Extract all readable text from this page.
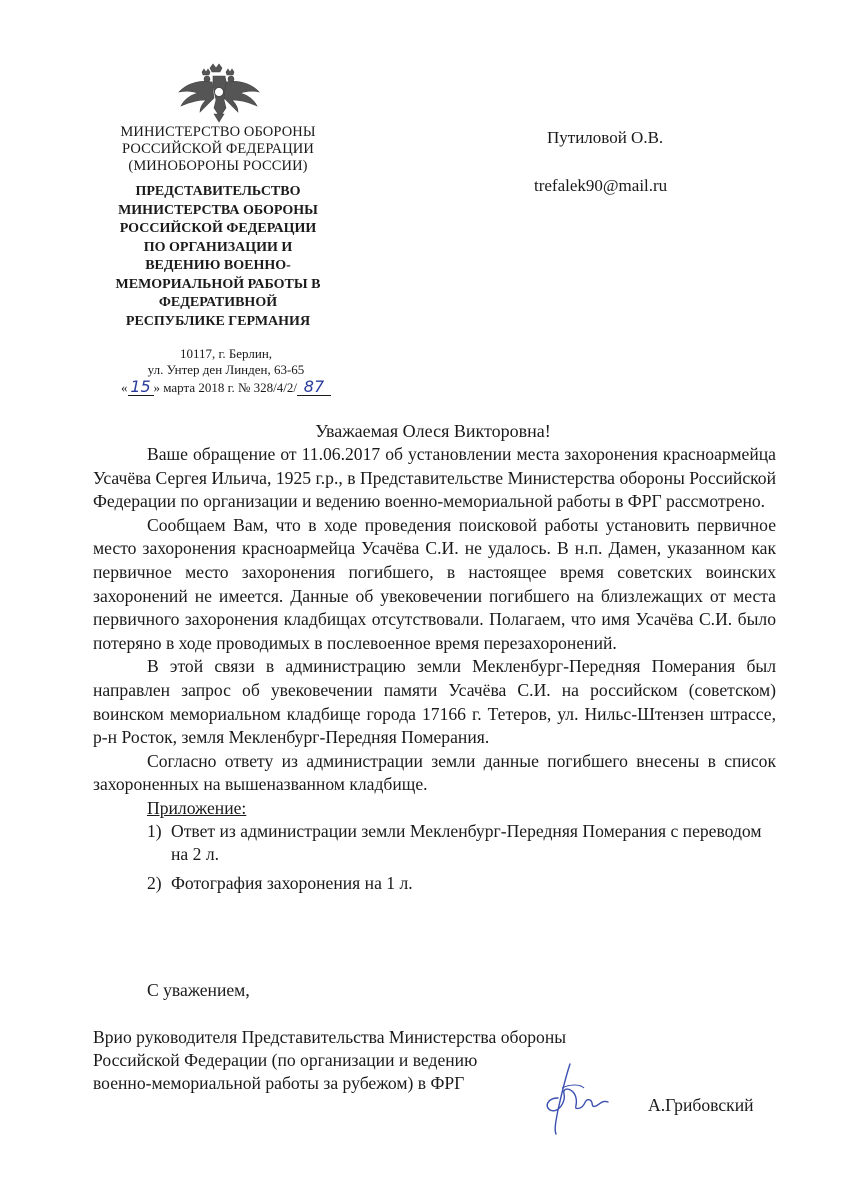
МИНИСТЕРСТВО ОБОРОНЫ
РОССИЙСКОЙ ФЕДЕРАЦИИ
(МИНОБОРОНЫ РОССИИ)
ПРЕДСТАВИТЕЛЬСТВО
МИНИСТЕРСТВА ОБОРОНЫ
РОССИЙСКОЙ ФЕДЕРАЦИИ
ПО ОРГАНИЗАЦИИ И
ВЕДЕНИЮ ВОЕННО-
МЕМОРИАЛЬНОЙ РАБОТЫ В
ФЕДЕРАТИВНОЙ
РЕСПУБЛИКЕ ГЕРМАНИЯ
10117, г. Берлин,
ул. Унтер ден Линден, 63-65
« 15 » марта 2018 г. № 328/4/2/ 87
Путиловой О.В.
trefalek90@mail.ru
Уважаемая Олеся Викторовна!

Ваше обращение от 11.06.2017 об установлении места захоронения красноармейца Усачёва Сергея Ильича, 1925 г.р., в Представительстве Министерства обороны Российской Федерации по организации и ведению военно-мемориальной работы в ФРГ рассмотрено.

Сообщаем Вам, что в ходе проведения поисковой работы установить первичное место захоронения красноармейца Усачёва С.И. не удалось. В н.п. Дамен, указанном как первичное место захоронения погибшего, в настоящее время советских воинских захоронений не имеется. Данные об увековечении погибшего на близлежащих от места первичного захоронения кладбищах отсутствовали. Полагаем, что имя Усачёва С.И. было потеряно в ходе проводимых в послевоенное время перезахоронений.

В этой связи в администрацию земли Мекленбург-Передняя Померания был направлен запрос об увековечении памяти Усачёва С.И. на российском (советском) воинском мемориальном кладбище города 17166 г. Тетеров, ул. Нильс-Штензен штрассе, р-н Росток, земля Мекленбург-Передняя Померания.

Согласно ответу из администрации земли данные погибшего внесены в список захороненных на вышеназванном кладбище.

Приложение:
1) Ответ из администрации земли Мекленбург-Передняя Померания с переводом на 2 л.
2) Фотография захоронения на 1 л.
С уважением,
Врио руководителя Представительства Министерства обороны
Российской Федерации (по организации и ведению
военно-мемориальной работы за рубежом) в ФРГ
А.Грибовский
